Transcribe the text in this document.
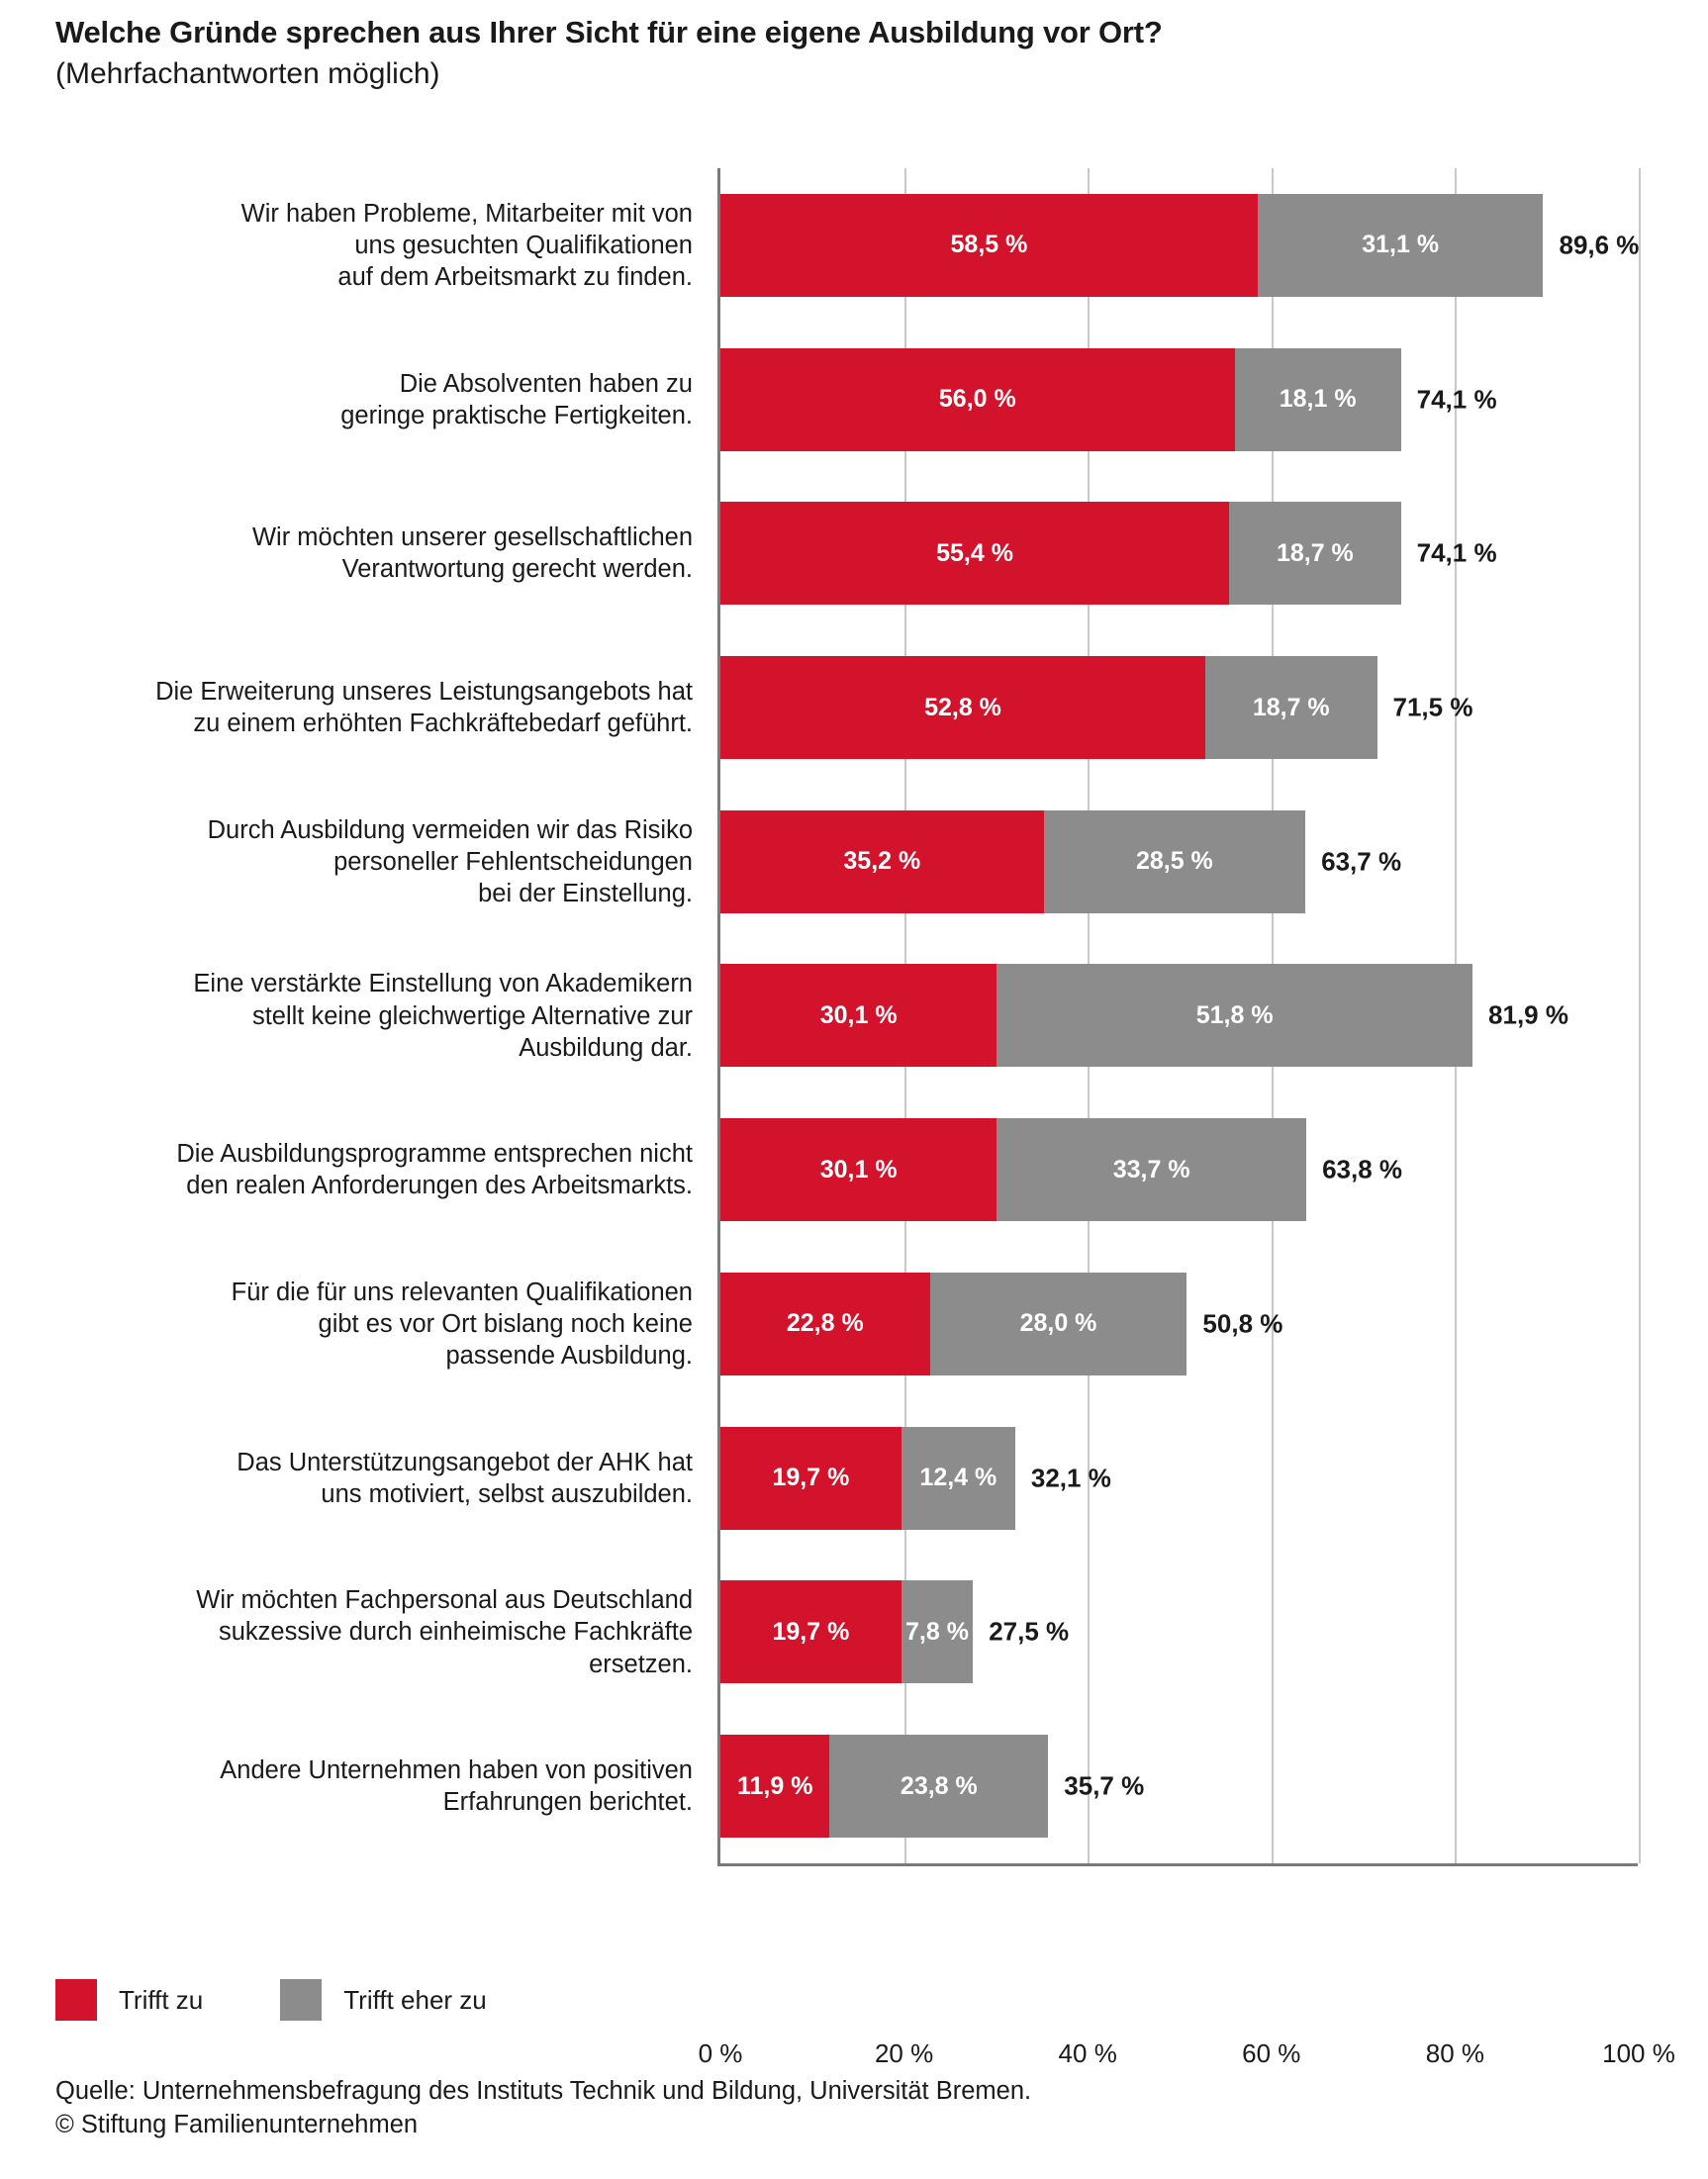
Welche Gründe sprechen aus Ihrer Sicht für eine eigene Ausbildung vor Ort?
(Mehrfachantworten möglich)
Wir haben Probleme, Mitarbeiter mit von
uns gesuchten Qualifikationen
auf dem Arbeitsmarkt zu finden.
58,5 %	31,1 %	89,6 %
Die Absolventen haben zu
geringe praktische Fertigkeiten.
56,0 %	18,1 %	74,1 %
Wir möchten unserer gesellschaftlichen
Verantwortung gerecht werden.
55,4 %	18,7 %	74,1 %
Die Erweiterung unseres Leistungsangebots hat
zu einem erhöhten Fachkräftebedarf geführt.
52,8 %	18,7 %	71,5 %
Durch Ausbildung vermeiden wir das Risiko
personeller Fehlentscheidungen
bei der Einstellung.
35,2 %	28,5 %	63,7 %
Eine verstärkte Einstellung von Akademikern
stellt keine gleichwertige Alternative zur
Ausbildung dar.
30,1 %	51,8 %	81,9 %
Die Ausbildungsprogramme entsprechen nicht
den realen Anforderungen des Arbeitsmarkts.
30,1 %	33,7 %	63,8 %
Für die für uns relevanten Qualifikationen
gibt es vor Ort bislang noch keine
passende Ausbildung.
22,8 %	28,0 %	50,8 %
Das Unterstützungsangebot der AHK hat
uns motiviert, selbst auszubilden.
19,7 %	12,4 %	32,1 %
Wir möchten Fachpersonal aus Deutschland
sukzessive durch einheimische Fachkräfte
ersetzen.
19,7 %	7,8 % 27,5 %
Andere Unternehmen haben von positiven
Erfahrungen berichtet.
11,9 %	23,8 %	35,7 %
0 %	20 %	40 %	60 %	80 %	100 %
Trifft zu	Trifft eher zu
Quelle: Unternehmensbefragung des Instituts Technik und Bildung, Universität Bremen.
© Stiftung Familienunternehmen
